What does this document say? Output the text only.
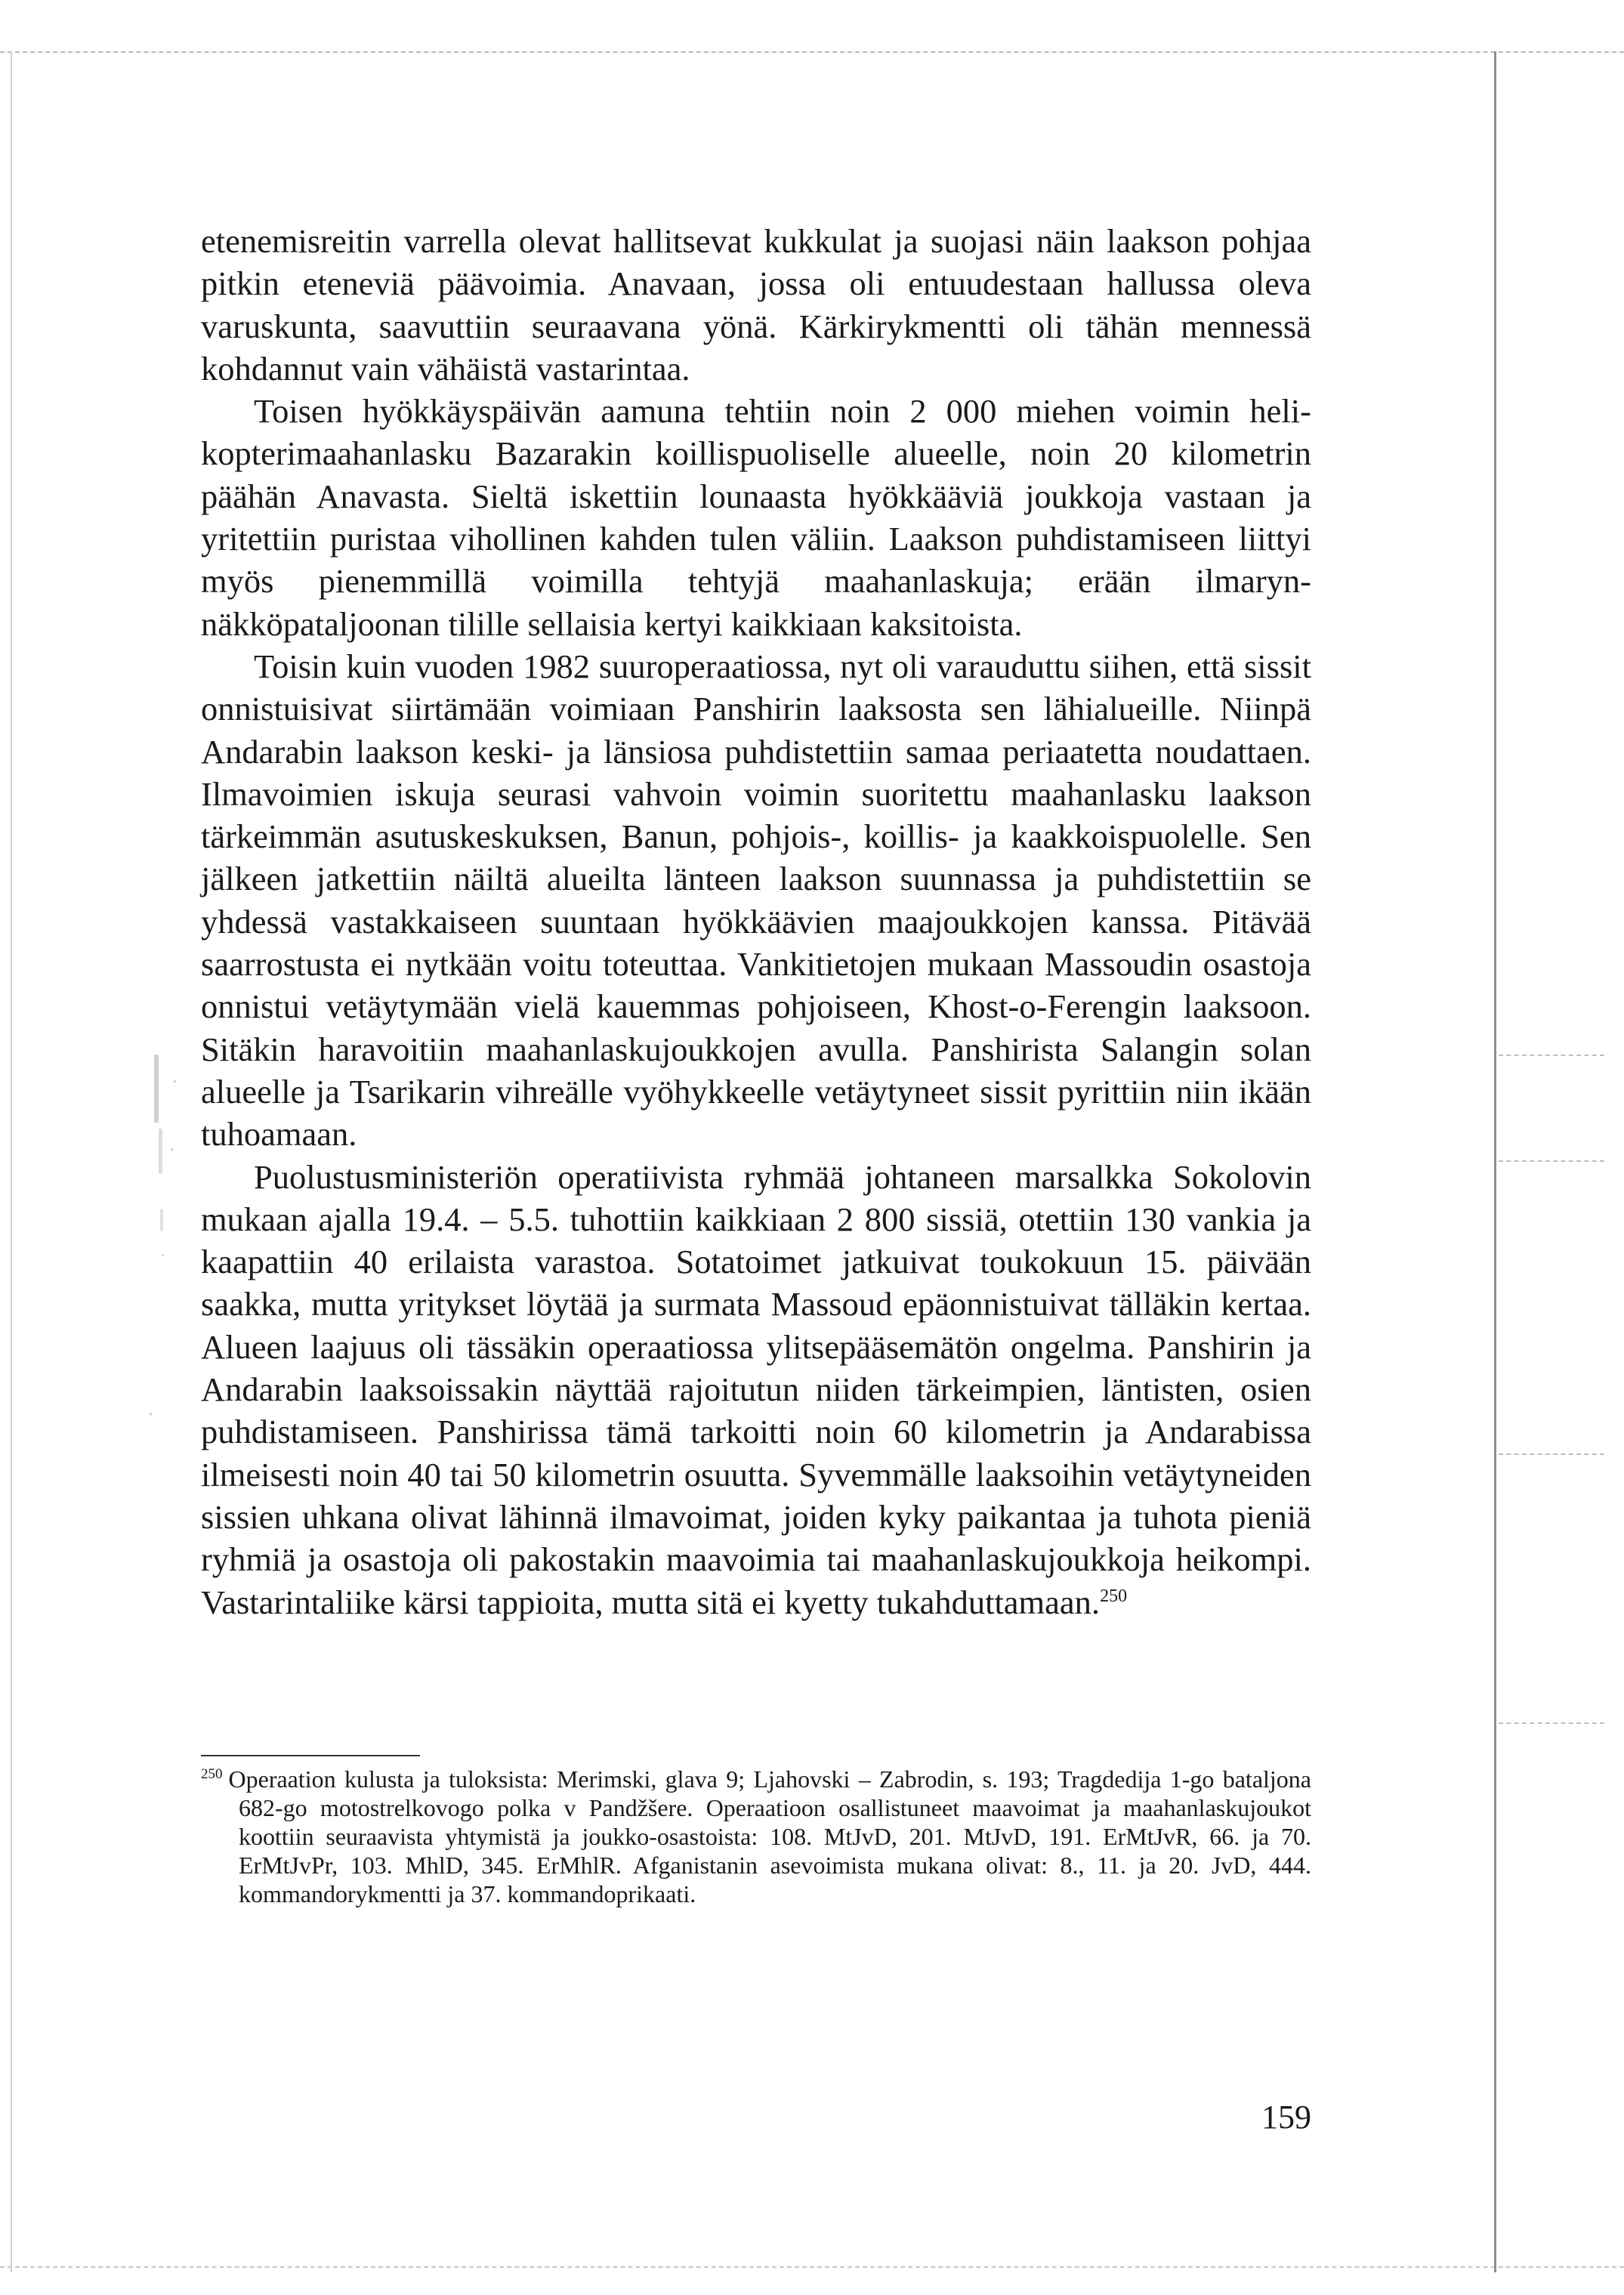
etenemisreitin varrella olevat hallitsevat kukkulat ja suojasi näin laakson pohjaa pitkin eteneviä päävoimia. Anavaan, jossa oli entuudestaan hallussa oleva varuskunta, saavuttiin seuraavana yönä. Kärkirykmentti oli tähän mennessä kohdannut vain vähäistä vastarintaa.

Toisen hyökkäyspäivän aamuna tehtiin noin 2 000 miehen voimin helikopterimaahanlasku Bazarakin koillispuoliselle alueelle, noin 20 kilometrin päähän Anavasta. Sieltä iskettiin lounaasta hyökkääviä joukkoja vastaan ja yritettiin puristaa vihollinen kahden tulen väliin. Laakson puhdistamiseen liittyi myös pienemmillä voimilla tehtyjä maahanlaskuja; erään ilmarynnäkköpataljoonan tilille sellaisia kertyi kaikkiaan kaksitoista.

Toisin kuin vuoden 1982 suuroperaatiossa, nyt oli varauduttu siihen, että sissit onnistuisivat siirtämään voimiaan Panshirin laaksosta sen lähialueille. Niinpä Andarabin laakson keski- ja länsiosa puhdistettiin samaa periaatetta noudattaen. Ilmavoimien iskuja seurasi vahvoin voimin suoritettu maahanlasku laakson tärkeimmän asutuskeskuksen, Banun, pohjois-, koillis- ja kaakkoispuolelle. Sen jälkeen jatkettiin näiltä alueilta länteen laakson suunnassa ja puhdistettiin se yhdessä vastakkaiseen suuntaan hyökkäävien maajoukkojen kanssa. Pitävää saarrostusta ei nytkään voitu toteuttaa. Vankitietojen mukaan Massoudin osastoja onnistui vetäytymään vielä kauemmas pohjoiseen, Khost-o-Ferengin laaksoon. Sitäkin haravoitiin maahanlaskujoukkojen avulla. Panshirista Salangin solan alueelle ja Tsarikarin vihreälle vyöhykkeelle vetäytyneet sissit pyrittiin niin ikään tuhoamaan.

Puolustusministeriön operatiivista ryhmää johtaneen marsalkka Sokolovin mukaan ajalla 19.4. – 5.5. tuhottiin kaikkiaan 2 800 sissiä, otettiin 130 vankia ja kaapattiin 40 erilaista varastoa. Sotatoimet jatkuivat toukokuun 15. päivään saakka, mutta yritykset löytää ja surmata Massoud epäonnistuivat tälläkin kertaa. Alueen laajuus oli tässäkin operaatiossa ylitsepääsemätön ongelma. Panshirin ja Andarabin laaksoissakin näyttää rajoitutun niiden tärkeimpien, läntisten, osien puhdistamiseen. Panshirissa tämä tarkoitti noin 60 kilometrin ja Andarabissa ilmeisesti noin 40 tai 50 kilometrin osuutta. Syvemmälle laaksoihin vetäytyneiden sissien uhkana olivat lähinnä ilmavoimat, joiden kyky paikantaa ja tuhota pieniä ryhmiä ja osastoja oli pakostakin maavoimia tai maahanlaskujoukkoja heikompi. Vastarintaliike kärsi tappioita, mutta sitä ei kyetty tukahduttamaan.$^{250}$

$^{250}$ Operaation kulusta ja tuloksista: Merimski, glava 9; Ljahovski – Zabrodin, s. 193; Tragdedija 1-go bataljona 682-go motostrelkovogo polka v Pandžšere. Operaatioon osallistuneet maavoimat ja maahanlaskujoukot koottiin seuraavista yhtymistä ja joukko-osastoista: 108. MtJvD, 201. MtJvD, 191. ErMtJvR, 66. ja 70. ErMtJvPr, 103. MhlD, 345. ErMhlR. Afganistanin asevoimista mukana olivat: 8., 11. ja 20. JvD, 444. kommandorykmentti ja 37. kommandoprikaati.

159
